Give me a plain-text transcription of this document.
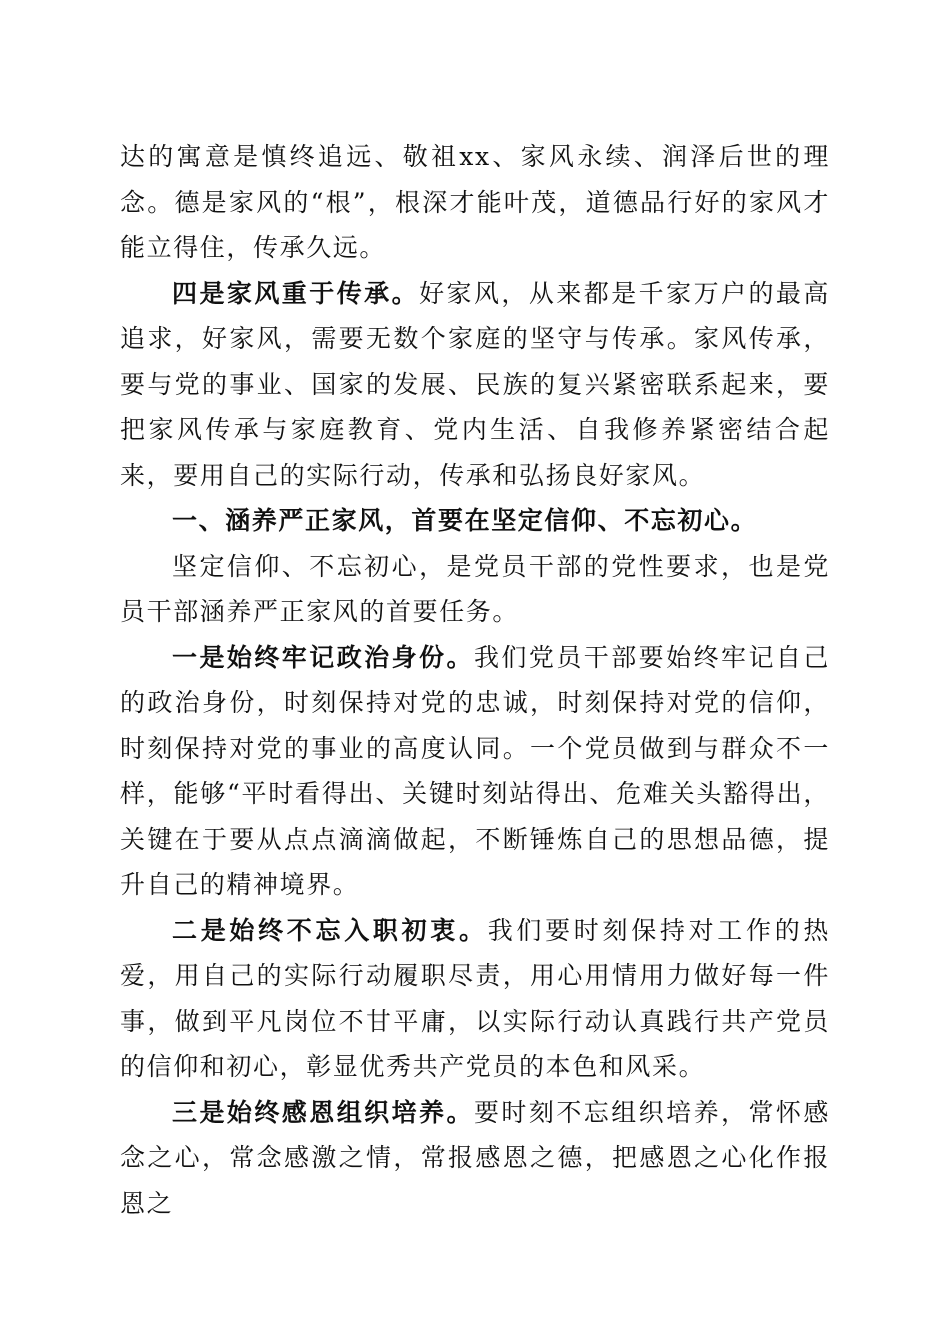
达的寓意是慎终追远、敬祖xx、家风永续、润泽后世的理念。德是家风的“根”，根深才能叶茂，道德品行好的家风才能立得住，传承久远。

四是家风重于传承。好家风，从来都是千家万户的最高追求，好家风，需要无数个家庭的坚守与传承。家风传承，要与党的事业、国家的发展、民族的复兴紧密联系起来，要把家风传承与家庭教育、党内生活、自我修养紧密结合起来，要用自己的实际行动，传承和弘扬良好家风。

一、涵养严正家风，首要在坚定信仰、不忘初心。

坚定信仰、不忘初心，是党员干部的党性要求，也是党员干部涵养严正家风的首要任务。

一是始终牢记政治身份。我们党员干部要始终牢记自己的政治身份，时刻保持对党的忠诚，时刻保持对党的信仰，时刻保持对党的事业的高度认同。一个党员做到与群众不一样，能够“平时看得出、关键时刻站得出、危难关头豁得出，关键在于要从点点滴滴做起，不断锤炼自己的思想品德，提升自己的精神境界。

二是始终不忘入职初衷。我们要时刻保持对工作的热爱，用自己的实际行动履职尽责，用心用情用力做好每一件事，做到平凡岗位不甘平庸，以实际行动认真践行共产党员的信仰和初心，彰显优秀共产党员的本色和风采。

三是始终感恩组织培养。要时刻不忘组织培养，常怀感念之心，常念感激之情，常报感恩之德，把感恩之心化作报恩之
